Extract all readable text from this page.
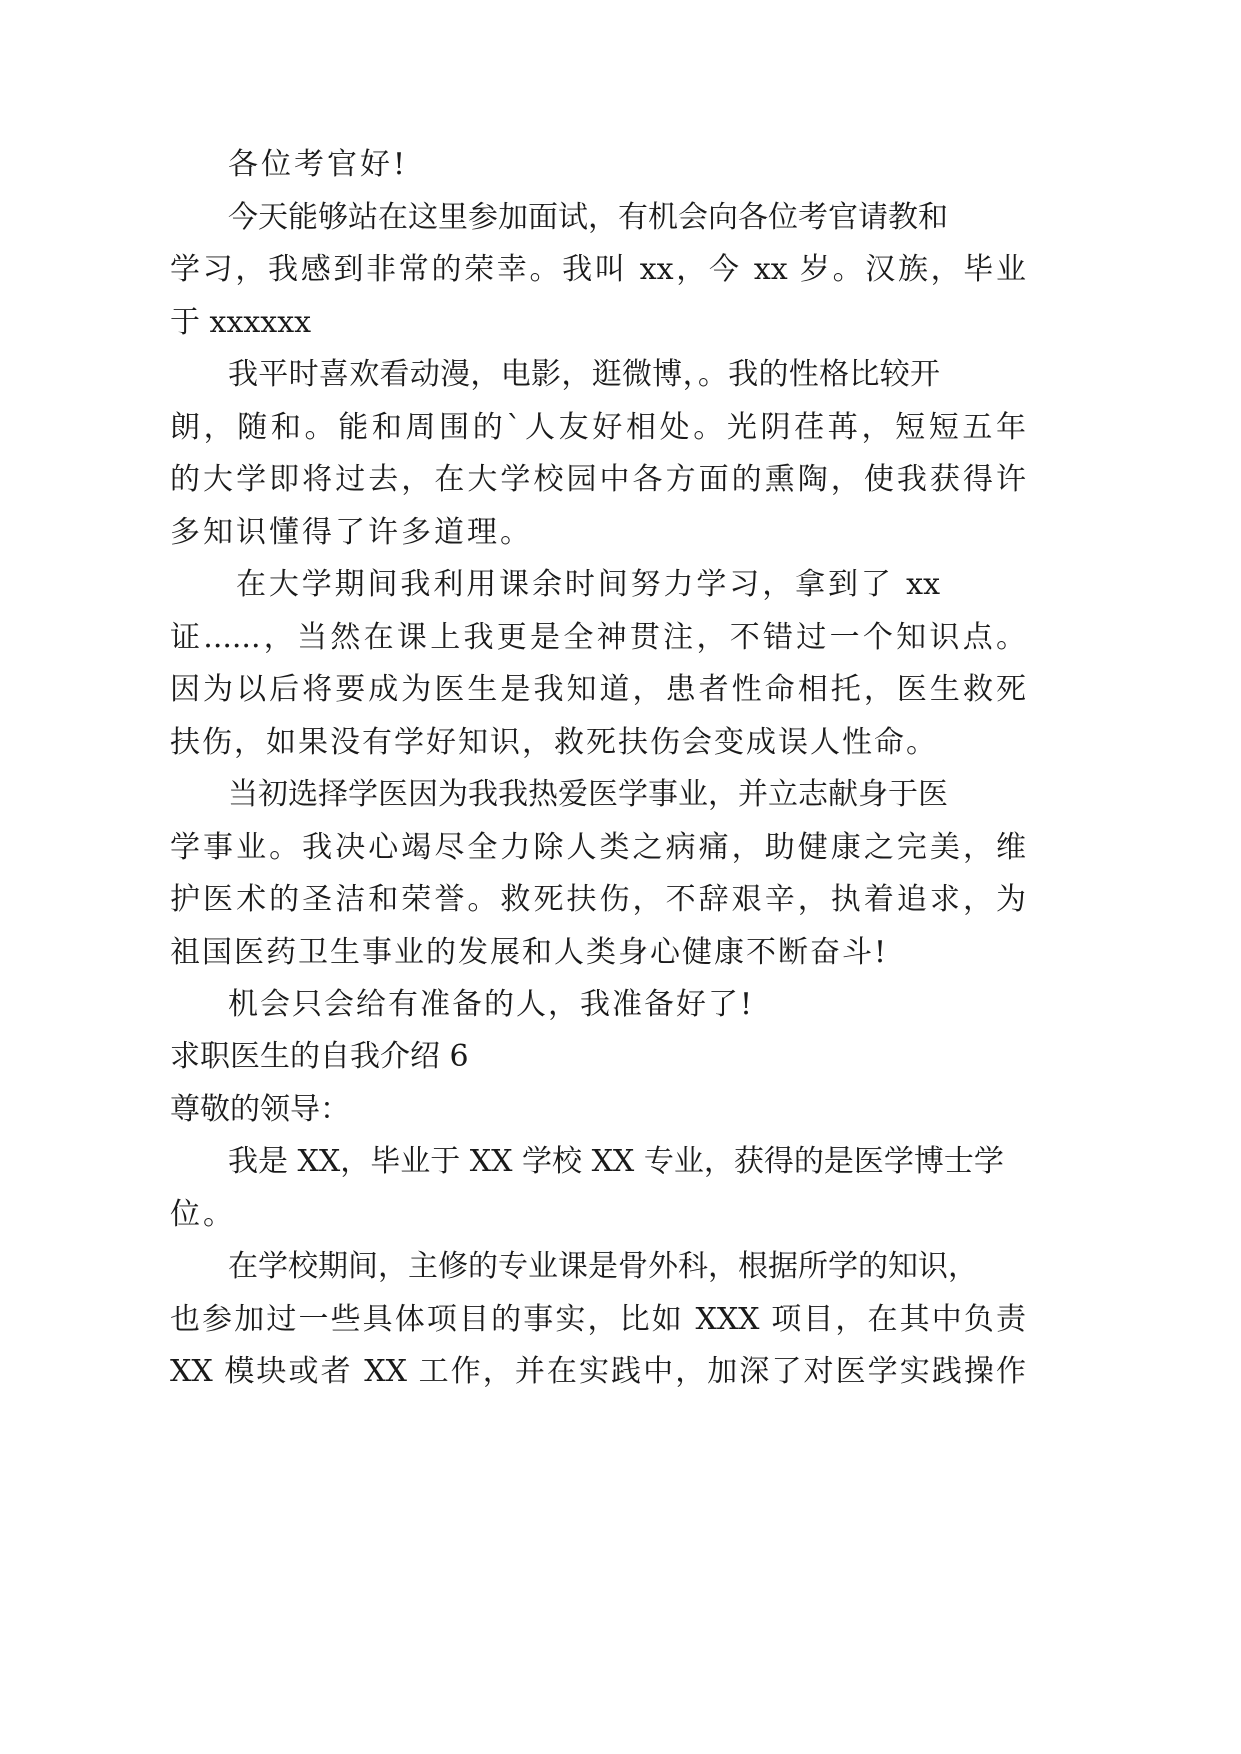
各位考官好!

今天能够站在这里参加面试，有机会向各位考官请教和

学习，我感到非常的荣幸。我叫 xx，今 xx 岁。汉族，毕业

于 xxxxxx

我平时喜欢看动漫，电影，逛微博，。我的性格比较开

朗，随和。能和周围的`人友好相处。光阴荏苒，短短五年

的大学即将过去，在大学校园中各方面的熏陶，使我获得许

多知识懂得了许多道理。

在大学期间我利用课余时间努力学习，拿到了 xx

证......，当然在课上我更是全神贯注，不错过一个知识点。

因为以后将要成为医生是我知道，患者性命相托，医生救死

扶伤，如果没有学好知识，救死扶伤会变成误人性命。

当初选择学医因为我我热爱医学事业，并立志献身于医

学事业。我决心竭尽全力除人类之病痛，助健康之完美，维

护医术的圣洁和荣誉。救死扶伤，不辞艰辛，执着追求，为

祖国医药卫生事业的发展和人类身心健康不断奋斗!

机会只会给有准备的人，我准备好了!

求职医生的自我介绍 6

尊敬的领导：

我是 XX，毕业于 XX 学校 XX 专业，获得的是医学博士学

位。

在学校期间，主修的专业课是骨外科，根据所学的知识，

也参加过一些具体项目的事实，比如 XXX 项目，在其中负责

XX 模块或者 XX 工作，并在实践中，加深了对医学实践操作
